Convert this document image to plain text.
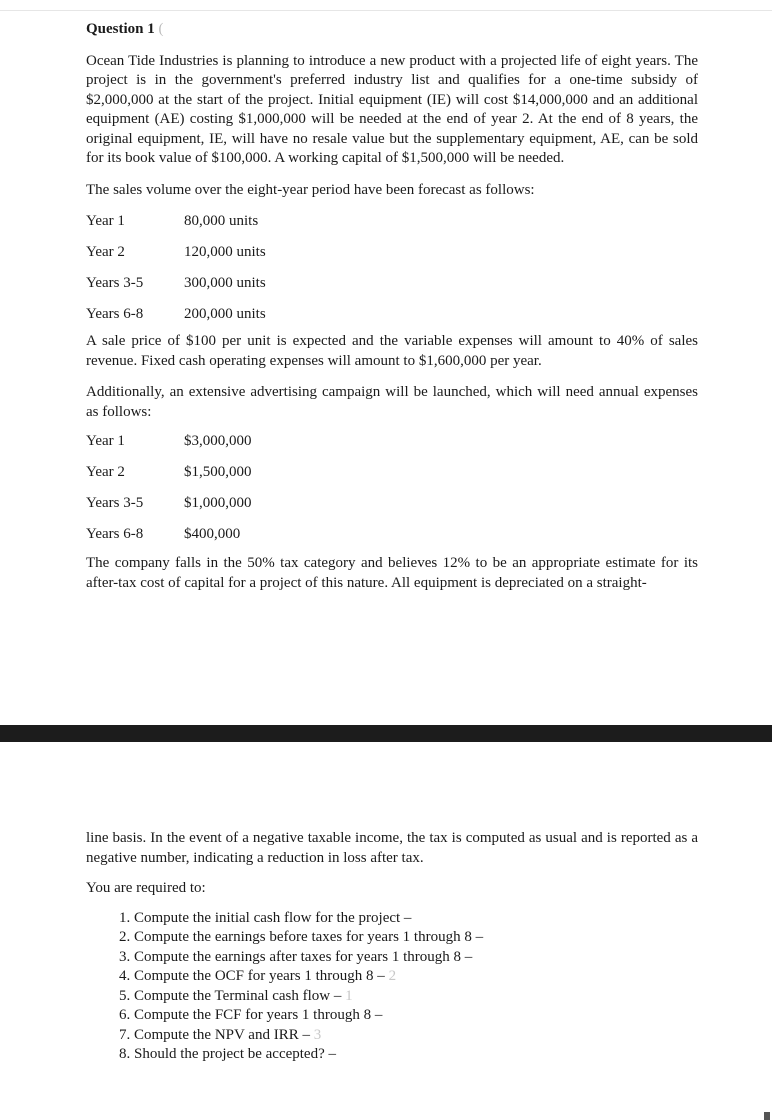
Question 1 (

Ocean Tide Industries is planning to introduce a new product with a projected life of eight years. The project is in the government's preferred industry list and qualifies for a one-time subsidy of $2,000,000 at the start of the project. Initial equipment (IE) will cost $14,000,000 and an additional equipment (AE) costing $1,000,000 will be needed at the end of year 2. At the end of 8 years, the original equipment, IE, will have no resale value but the supplementary equipment, AE, can be sold for its book value of $100,000. A working capital of $1,500,000 will be needed.

The sales volume over the eight-year period have been forecast as follows:

Year 1	80,000 units
Year 2	120,000 units
Years 3-5	300,000 units
Years 6-8	200,000 units

A sale price of $100 per unit is expected and the variable expenses will amount to 40% of sales revenue. Fixed cash operating expenses will amount to $1,600,000 per year.

Additionally, an extensive advertising campaign will be launched, which will need annual expenses as follows:

Year 1	$3,000,000
Year 2	$1,500,000
Years 3-5	$1,000,000
Years 6-8	$400,000

The company falls in the 50% tax category and believes 12% to be an appropriate estimate for its after-tax cost of capital for a project of this nature. All equipment is depreciated on a straight-

line basis. In the event of a negative taxable income, the tax is computed as usual and is reported as a negative number, indicating a reduction in loss after tax.

You are required to:

1. Compute the initial cash flow for the project –
2. Compute the earnings before taxes for years 1 through 8 –
3. Compute the earnings after taxes for years 1 through 8 –
4. Compute the OCF for years 1 through 8 – 2
5. Compute the Terminal cash flow – 1
6. Compute the FCF for years 1 through 8 –
7. Compute the NPV and IRR – 3
8. Should the project be accepted? –
